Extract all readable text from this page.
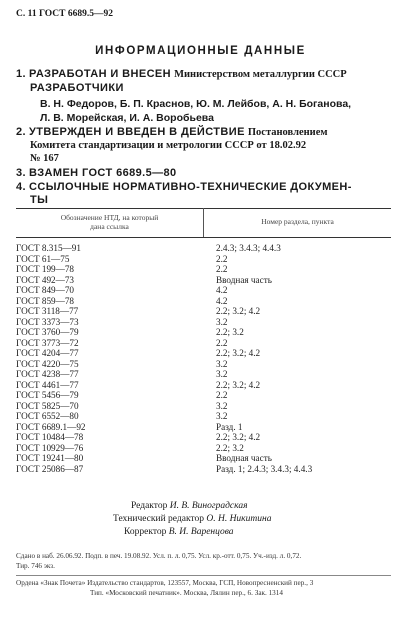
С. 11 ГОСТ 6689.5—92
ИНФОРМАЦИОННЫЕ ДАННЫЕ
1. РАЗРАБОТАН И ВНЕСЕН Министерством металлургии СССР
РАЗРАБОТЧИКИ
В. Н. Федоров, Б. П. Краснов, Ю. М. Лейбов, А. Н. Боганова,
Л. В. Морейская, И. А. Воробьева
2. УТВЕРЖДЕН И ВВЕДЕН В ДЕЙСТВИЕ Постановлением
Комитета стандартизации и метрологии СССР от 18.02.92
№ 167
3. ВЗАМЕН ГОСТ 6689.5—80
4. ССЫЛОЧНЫЕ НОРМАТИВНО-ТЕХНИЧЕСКИЕ ДОКУМЕН-
ТЫ
Обозначение НТД, на который
дана ссылка
Номер раздела, пункта
ГОСТ 8.315—91
ГОСТ 61—75
ГОСТ 199—78
ГОСТ 492—73
ГОСТ 849—70
ГОСТ 859—78
ГОСТ 3118—77
ГОСТ 3373—73
ГОСТ 3760—79
ГОСТ 3773—72
ГОСТ 4204—77
ГОСТ 4220—75
ГОСТ 4238—77
ГОСТ 4461—77
ГОСТ 5456—79
ГОСТ 5825—70
ГОСТ 6552—80
ГОСТ 6689.1—92
ГОСТ 10484—78
ГОСТ 10929—76
ГОСТ 19241—80
ГОСТ 25086—87
2.4.3; 3.4.3; 4.4.3
2.2
2.2
Вводная часть
4.2
4.2
2.2; 3.2; 4.2
3.2
2.2; 3.2
2.2
2.2; 3.2; 4.2
3.2
3.2
2.2; 3.2; 4.2
2.2
3.2
3.2
Разд. 1
2.2; 3.2; 4.2
2.2; 3.2
Вводная часть
Разд. 1; 2.4.3; 3.4.3; 4.4.3
Редактор И. В. Виноградская
Технический редактор О. Н. Никитина
Корректор В. И. Варенцова
Сдано в наб. 26.06.92. Подп. в печ. 19.08.92. Усл. п. л. 0,75. Усл. кр.-отт. 0,75. Уч.-изд. л. 0,72.
Тир. 746 экз.
Ордена «Знак Почета» Издательство стандартов, 123557, Москва, ГСП, Новопресненский пер., 3
Тип. «Московский печатник». Москва, Лялин пер., 6. Зак. 1314
